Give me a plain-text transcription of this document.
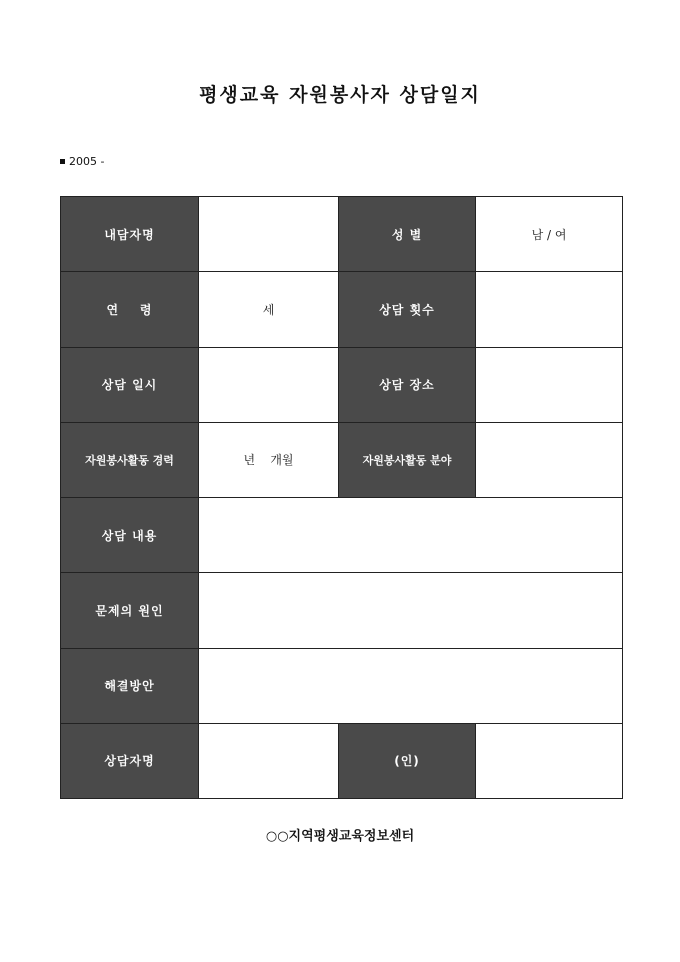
평생교육 자원봉사자 상담일지
2005 -
내담자명		성 별	남 / 여
연    령	세	상담 횟수	
상담 일시		상담 장소	
자원봉사활동 경력	년    개월	자원봉사활동 분야	
상담 내용			
문제의 원인			
해결방안			
상담자명		(인)	
○○지역평생교육정보센터
